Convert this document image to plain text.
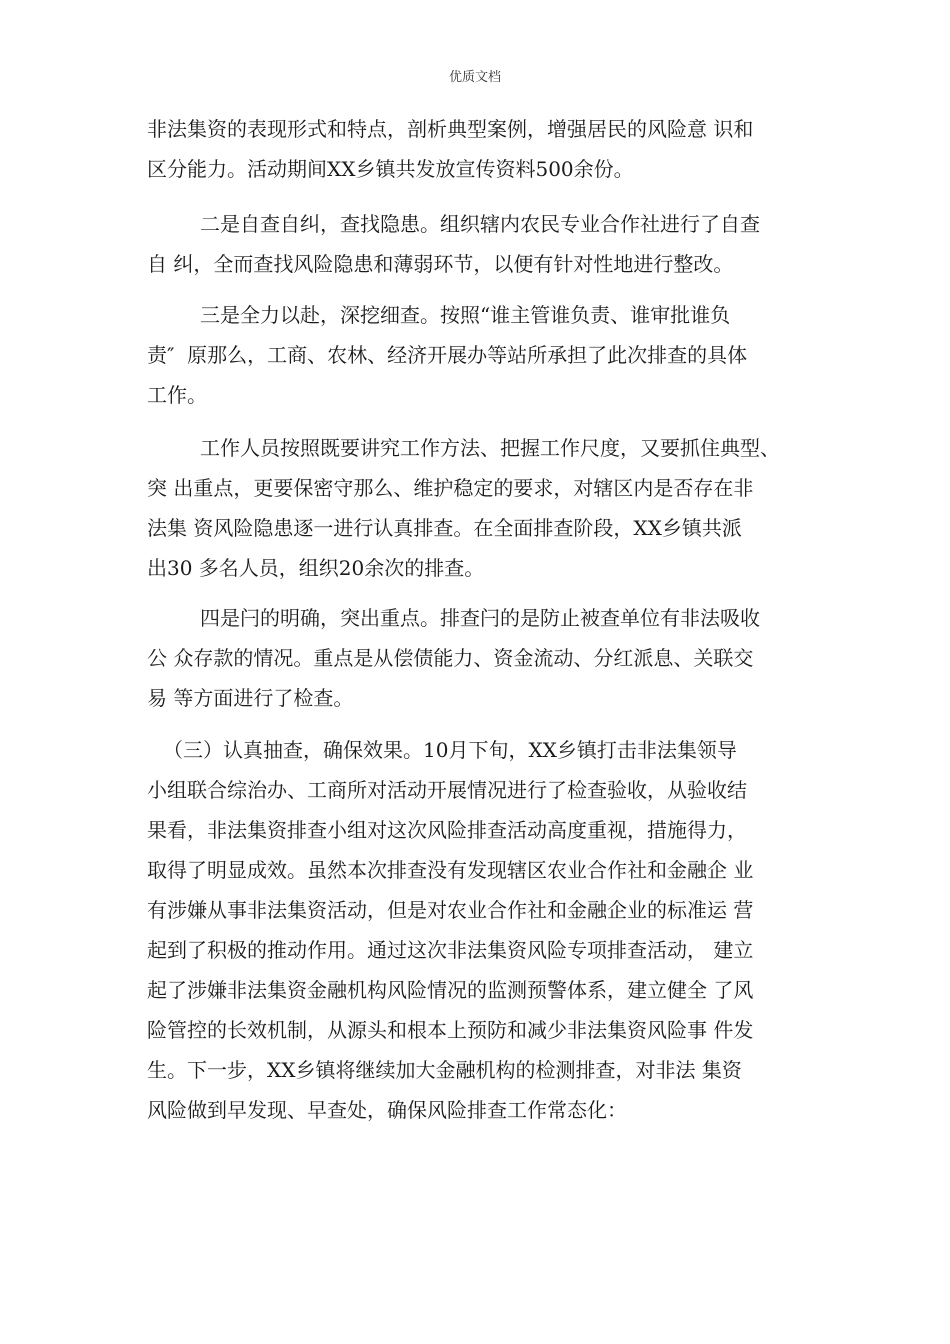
优质文档
非法集资的表现形式和特点，剖析典型案例，增强居民的风险意 识和
区分能力。活动期间XX乡镇共发放宣传资料500余份。
二是自查自纠，查找隐患。组织辖内农民专业合作社进行了自查
自 纠，全而查找风险隐患和薄弱环节，以便有针对性地进行整改。
三是全力以赴，深挖细查。按照“谁主管谁负责、谁审批谁负
责″  原那么，工商、农林、经济开展办等站所承担了此次排查的具体
工作。
工作人员按照既要讲究工作方法、把握工作尺度，又要抓住典型、
突 出重点，更要保密守那么、维护稳定的要求，对辖区内是否存在非
法集 资风险隐患逐一进行认真排查。在全面排查阶段，XX乡镇共派
出30 多名人员，组织20余次的排查。
四是闩的明确，突出重点。排查闩的是防止被查单位有非法吸收
公 众存款的情况。重点是从偿债能力、资金流动、分红派息、关联交
易 等方面进行了检查。
（三）认真抽查，确保效果。10月下旬，XX乡镇打击非法集领导
小组联合综治办、工商所对活动开展情况进行了检查验收，从验收结
果看，非法集资排查小组对这次风险排查活动高度重视，措施得力，
取得了明显成效。虽然本次排查没有发现辖区农业合作社和金融企 业
有涉嫌从事非法集资活动，但是对农业合作社和金融企业的标准运 营
起到了积极的推动作用。通过这次非法集资风险专项排查活动， 建立
起了涉嫌非法集资金融机构风险情况的监测预警体系，建立健全 了风
险管控的长效机制，从源头和根本上预防和减少非法集资风险事 件发
生。下一步，XX乡镇将继续加大金融机构的检测排查，对非法 集资
风险做到早发现、早查处，确保风险排查工作常态化：
